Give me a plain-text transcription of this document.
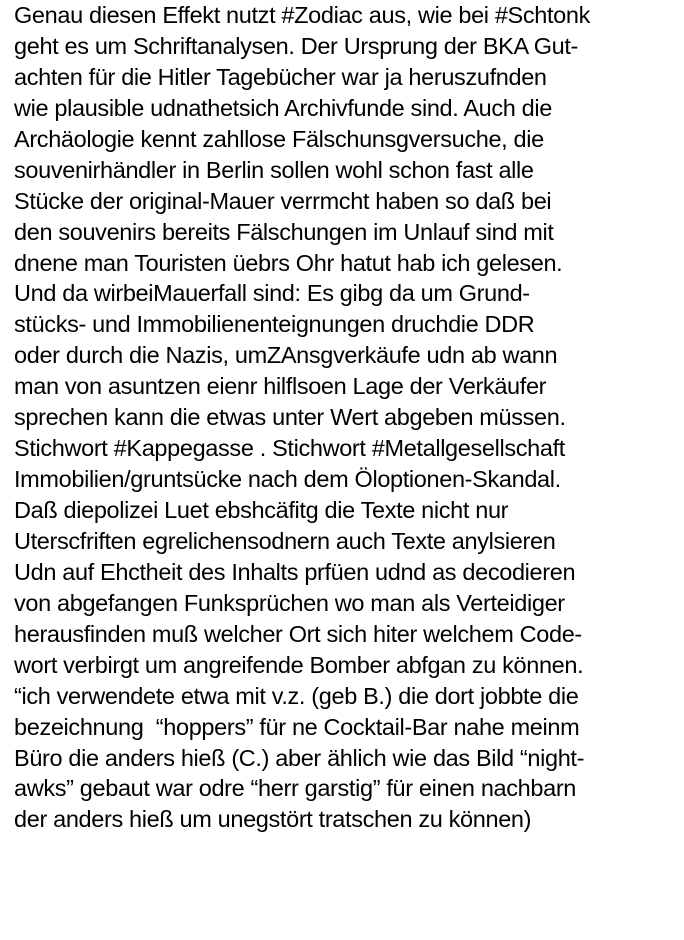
Genau diesen Effekt nutzt #Zodiac aus, wie bei #Schtonk
geht es um Schriftanalysen. Der Ursprung der BKA Gut-
achten für die Hitler Tagebücher war ja heruszufnden
wie plausible udnathetsich Archivfunde sind. Auch die
Archäologie kennt zahllose Fälschunsgversuche, die
souvenirhändler in Berlin sollen wohl schon fast alle
Stücke der original-Mauer verrmcht haben so daß bei
den souvenirs bereits Fälschungen im Unlauf sind mit
dnene man Touristen üebrs Ohr hatut hab ich gelesen.
Und da wirbeiMauerfall sind: Es gibg da um Grund-
stücks- und Immobilienenteignungen druchdie DDR
oder durch die Nazis, umZAnsgverkäufe udn ab wann
man von asuntzen eienr hilflsoen Lage der Verkäufer
sprechen kann die etwas unter Wert abgeben müssen.
Stichwort #Kappegasse . Stichwort #Metallgesellschaft
Immobilien/gruntsücke nach dem Öloptionen-Skandal.
Daß diepolizei Luet ebshcäfitg die Texte nicht nur
Uterscfriften egrelichensodnern auch Texte anylsieren
Udn auf Ehctheit des Inhalts prfüen udnd as decodieren
von abgefangen Funksprüchen wo man als Verteidiger
herausfinden muß welcher Ort sich hiter welchem Code-
wort verbirgt um angreifende Bomber abfgan zu können.
“ich verwendete etwa mit v.z. (geb B.) die dort jobbte die
bezeichnung  “hoppers” für ne Cocktail-Bar nahe meinm
Büro die anders hieß (C.) aber ählich wie das Bild “night-
awks” gebaut war odre “herr garstig” für einen nachbarn
der anders hieß um unegstört tratschen zu können)
